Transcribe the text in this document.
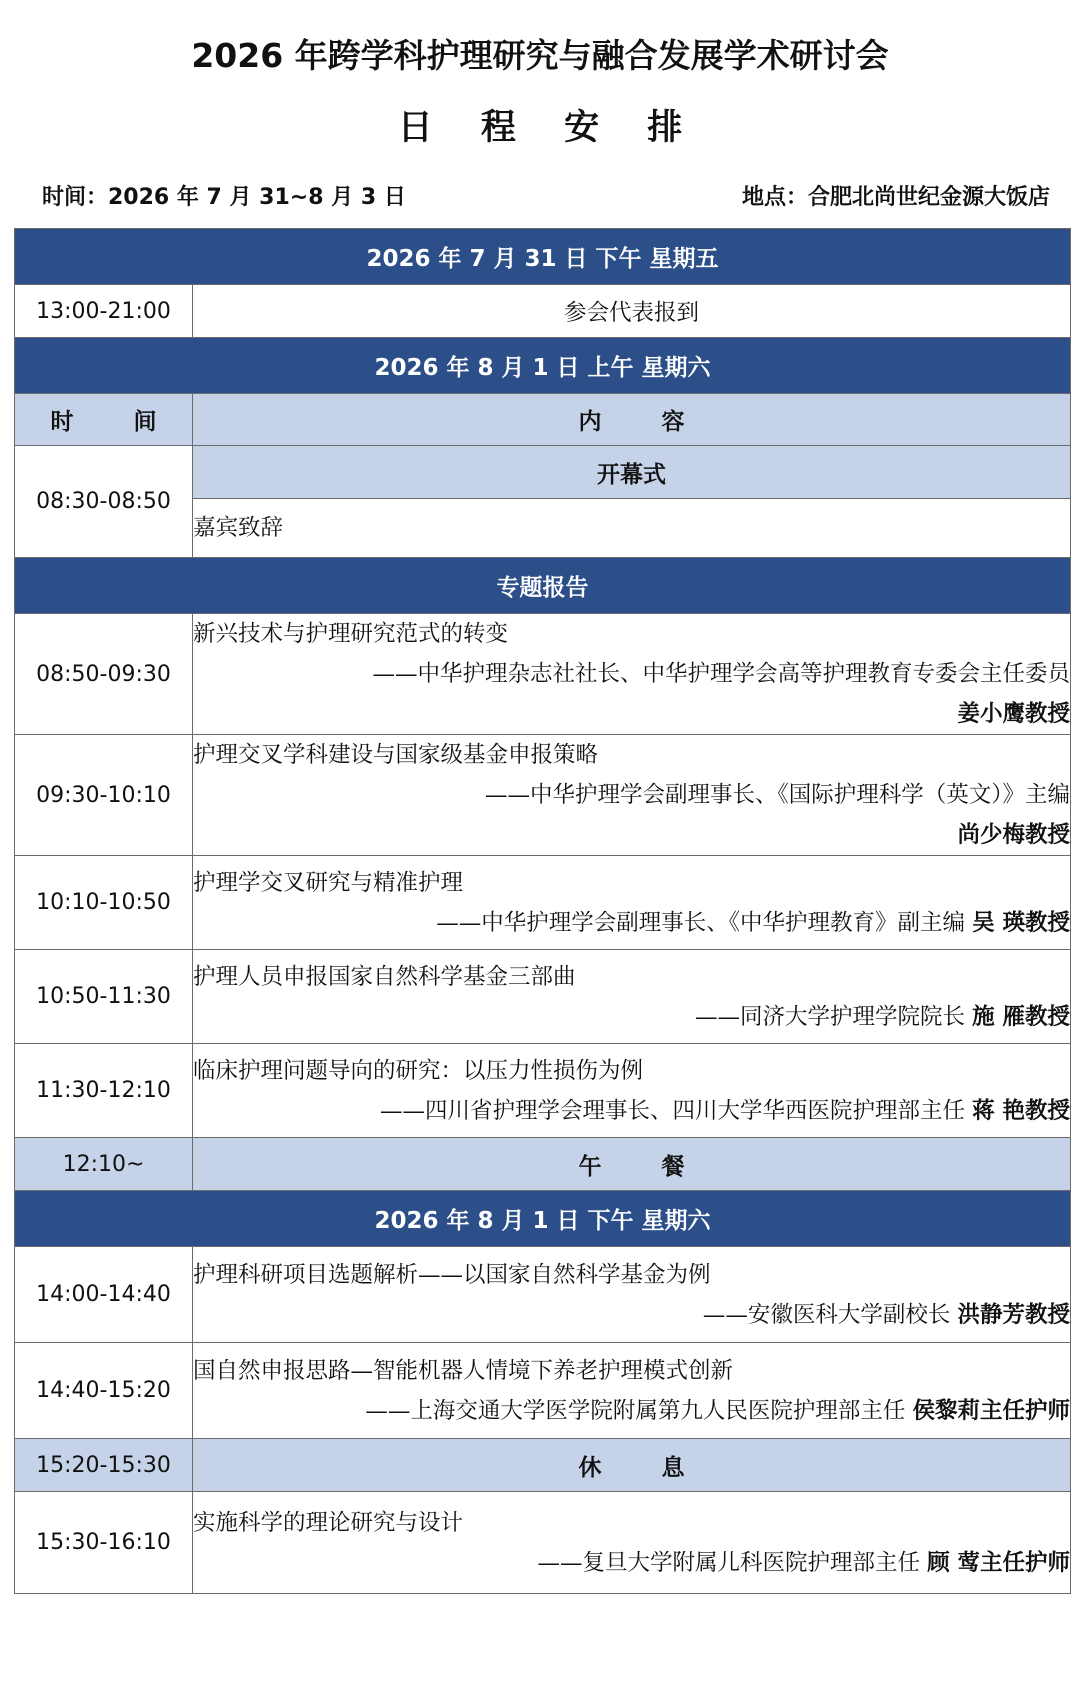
2026 年跨学科护理研究与融合发展学术研讨会
日 程 安 排
时间：2026 年 7 月 31~8 月 3 日	地点：合肥北尚世纪金源大饭店
2026 年 7 月 31 日 下午 星期五	
13:00-21:00	参会代表报到
2026 年 8 月 1 日 上午 星期六	
时 间	内 容
08:30-08:50	开幕式

	嘉宾致辞

专题报告	
08:50-09:30	新兴技术与护理研究范式的转变
——中华护理杂志社社长、中华护理学会高等护理教育专委会主任委员
姜小鹰教授

09:30-10:10	护理交叉学科建设与国家级基金申报策略
——中华护理学会副理事长、《国际护理科学（英文）》主编
尚少梅教授

10:10-10:50	护理学交叉研究与精准护理
——中华护理学会副理事长、《中华护理教育》副主编 吴 瑛教授

10:50-11:30	护理人员申报国家自然科学基金三部曲
——同济大学护理学院院长 施 雁教授

11:30-12:10	临床护理问题导向的研究：以压力性损伤为例
——四川省护理学会理事长、四川大学华西医院护理部主任 蒋 艳教授

12:10~	午 餐
2026 年 8 月 1 日 下午 星期六	
14:00-14:40	护理科研项目选题解析——以国家自然科学基金为例
——安徽医科大学副校长 洪静芳教授

14:40-15:20	国自然申报思路—智能机器人情境下养老护理模式创新
——上海交通大学医学院附属第九人民医院护理部主任 侯黎莉主任护师

15:20-15:30	休 息
15:30-16:10	实施科学的理论研究与设计
——复旦大学附属儿科医院护理部主任 顾 莺主任护师
